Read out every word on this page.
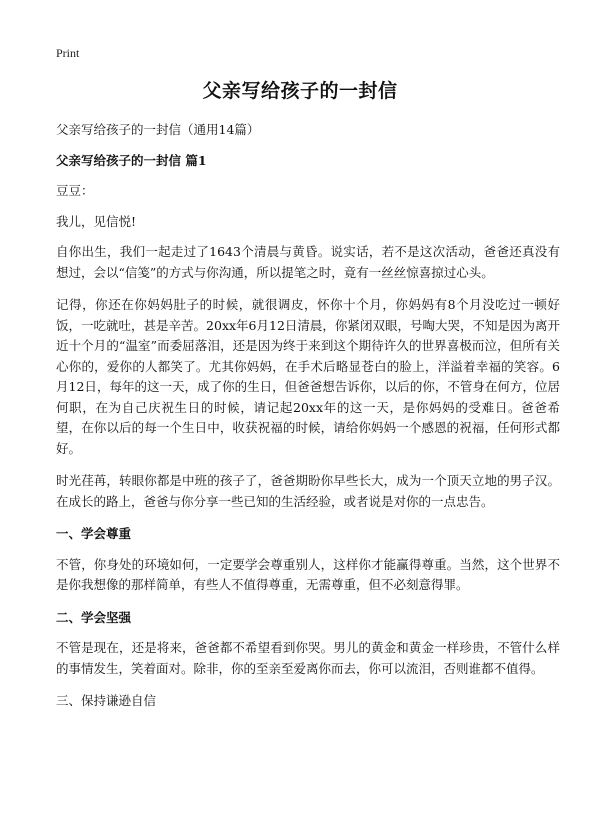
Print
父亲写给孩子的一封信

父亲写给孩子的一封信（通用14篇）

父亲写给孩子的一封信 篇1

豆豆：

我儿，见信悦!

自你出生，我们一起走过了1643个清晨与黄昏。说实话，若不是这次活动，爸爸还真没有想过，会以“信笺”的方式与你沟通，所以提笔之时，竟有一丝丝惊喜掠过心头。

记得，你还在你妈妈肚子的时候，就很调皮，怀你十个月，你妈妈有8个月没吃过一顿好饭，一吃就吐，甚是辛苦。20xx年6月12日清晨，你紧闭双眼，号啕大哭，不知是因为离开近十个月的“温室”而委屈落泪，还是因为终于来到这个期待许久的世界喜极而泣，但所有关心你的，爱你的人都笑了。尤其你妈妈，在手术后略显苍白的脸上，洋溢着幸福的笑容。6月12日，每年的这一天，成了你的生日，但爸爸想告诉你，以后的你，不管身在何方，位居何职，在为自己庆祝生日的时候，请记起20xx年的这一天，是你妈妈的受难日。爸爸希望，在你以后的每一个生日中，收获祝福的时候，请给你妈妈一个感恩的祝福，任何形式都好。

时光荏苒，转眼你都是中班的孩子了，爸爸期盼你早些长大，成为一个顶天立地的男子汉。在成长的路上，爸爸与你分享一些已知的生活经验，或者说是对你的一点忠告。

一、学会尊重

不管，你身处的环境如何，一定要学会尊重别人，这样你才能赢得尊重。当然，这个世界不是你我想像的那样简单，有些人不值得尊重，无需尊重，但不必刻意得罪。

二、学会坚强

不管是现在，还是将来，爸爸都不希望看到你哭。男儿的黄金和黄金一样珍贵，不管什么样的事情发生，笑着面对。除非，你的至亲至爱离你而去，你可以流泪，否则谁都不值得。

三、保持谦逊自信
